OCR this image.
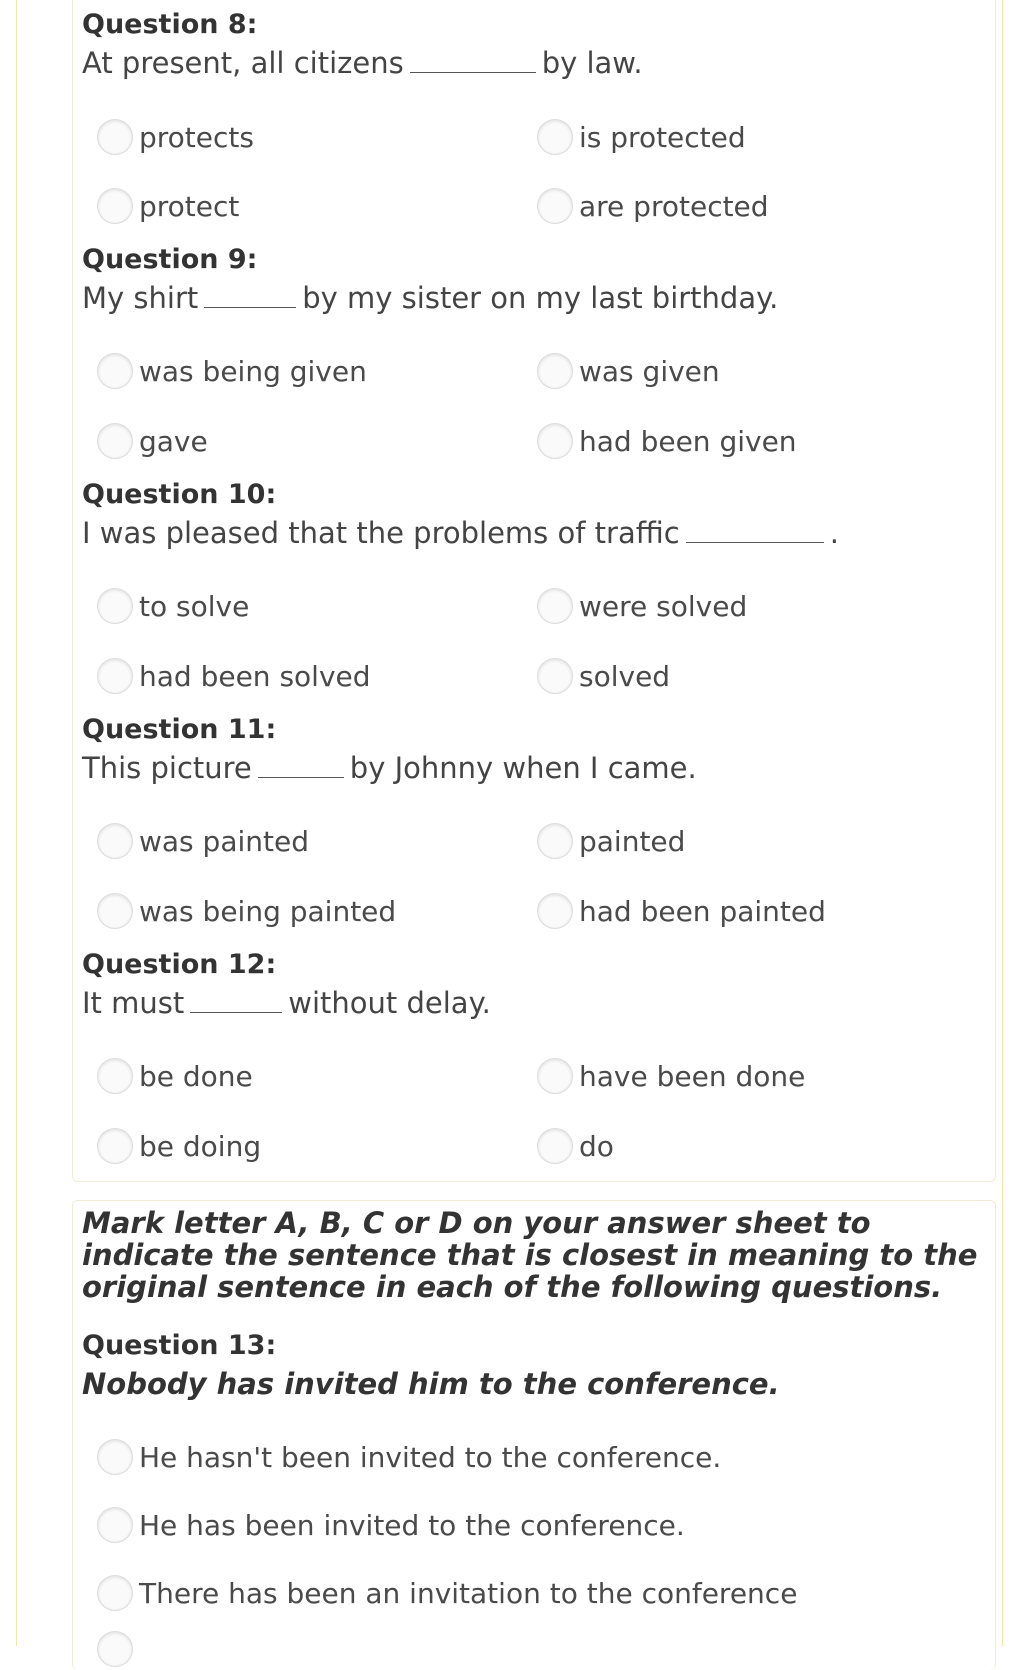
Question 8:
At present, all citizens	by law.
protects	is protected
protect	are protected
Question 9:
My shirt	by my sister on my last birthday.
was being given	was given
gave	had been given
Question 10:
I was pleased that the problems of traffic	.
to solve	were solved
had been solved	solved
Question 11:
This picture	by Johnny when I came.
was painted	painted
was being painted	had been painted
Question 12:
It must	without delay.
be done	have been done
be doing	do
Mark letter A, B, C or D on your answer sheet to indicate the sentence that is closest in meaning to the original sentence in each of the following questions.
Question 13:
Nobody has invited him to the conference.
He hasn't been invited to the conference.
He has been invited to the conference.
There has been an invitation to the conference
